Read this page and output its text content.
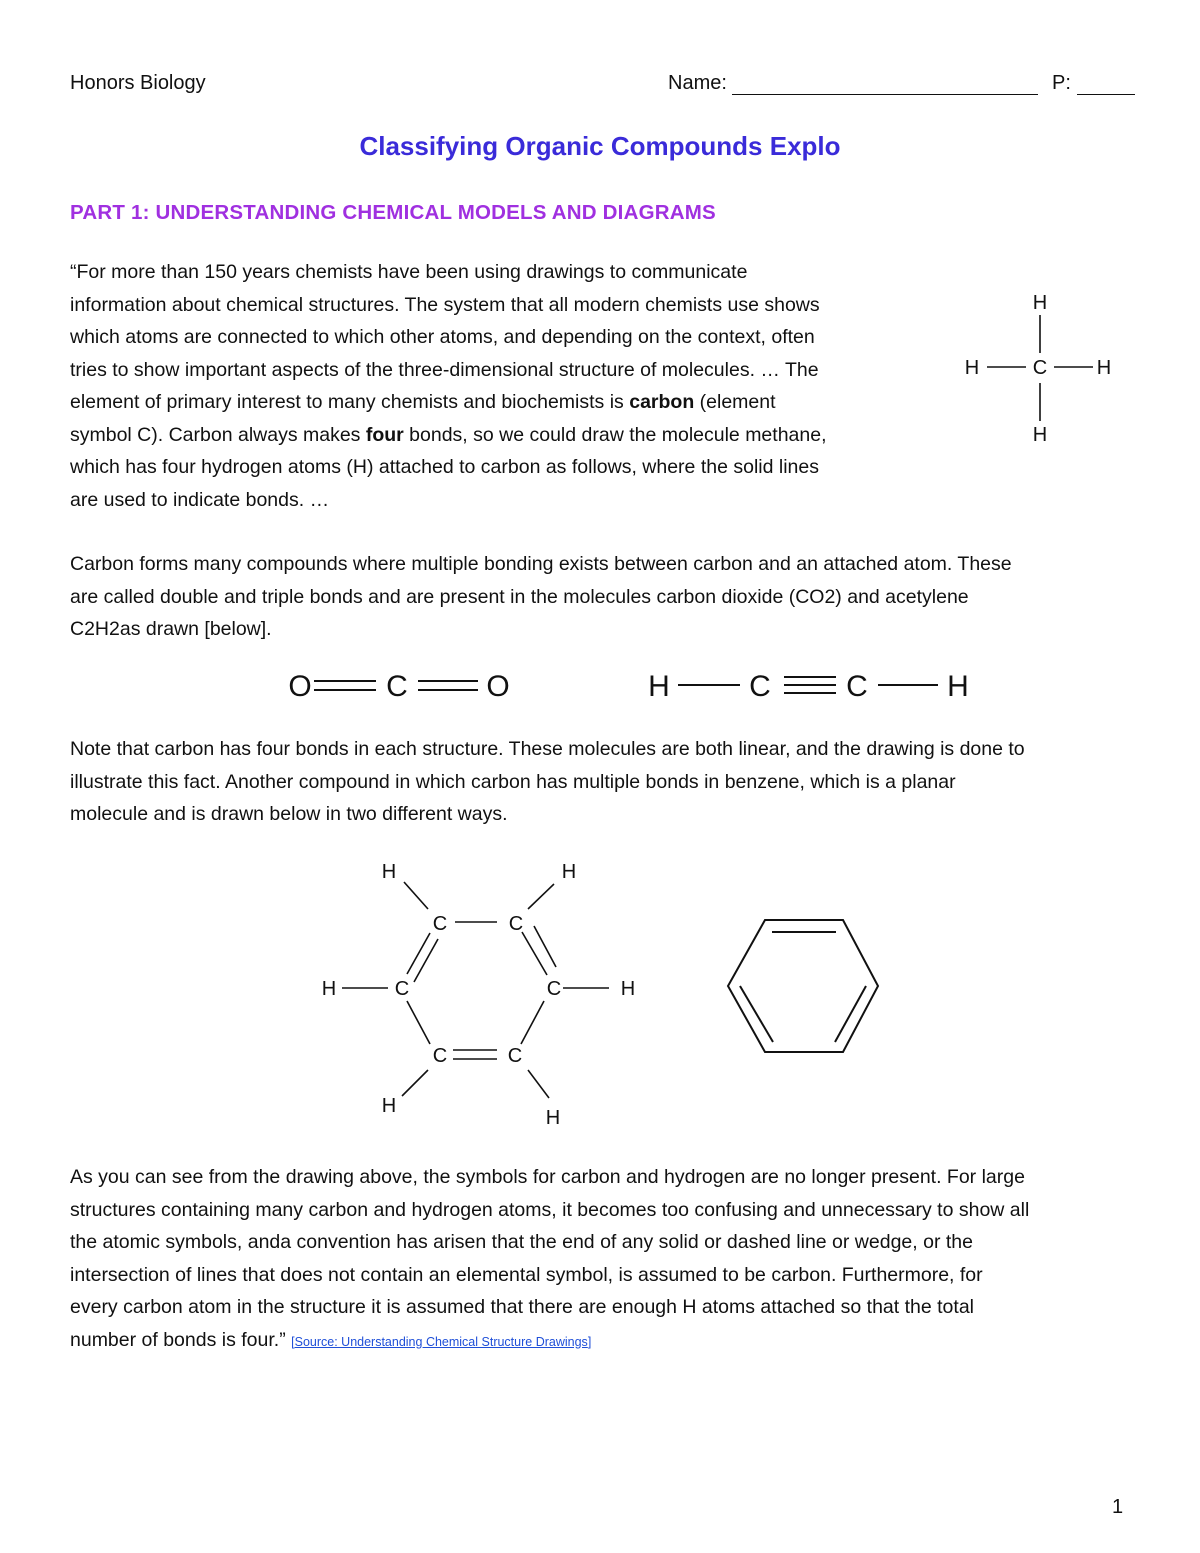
Honors Biology	Name:	P:
Classifying Organic Compounds Explo
PART 1: UNDERSTANDING CHEMICAL MODELS AND DIAGRAMS
“For more than 150 years chemists have been using drawings to communicate
information about chemical structures. The system that all modern chemists use shows
which atoms are connected to which other atoms, and depending on the context, often
tries to show important aspects of the three-dimensional structure of molecules. … The
element of primary interest to many chemists and biochemists is carbon (element
symbol C). Carbon always makes four bonds, so we could draw the molecule methane,
which has four hydrogen atoms (H) attached to carbon as follows, where the solid lines
are used to indicate bonds. …
H
H	C H
H
Carbon forms many compounds where multiple bonding exists between carbon and an attached atom. These
are called double and triple bonds and are present in the molecules carbon dioxide (CO2) and acetylene
C2H2as drawn [below].
O C	O	H	C	C	H
Note that carbon has four bonds in each structure. These molecules are both linear, and the drawing is done to
illustrate this fact. Another compound in which carbon has multiple bonds in benzene, which is a planar
molecule and is drawn below in two different ways.
H	H
C	C
H	C	C	H
C	C
H
H
As you can see from the drawing above, the symbols for carbon and hydrogen are no longer present. For large
structures containing many carbon and hydrogen atoms, it becomes too confusing and unnecessary to show all
the atomic symbols, anda convention has arisen that the end of any solid or dashed line or wedge, or the
intersection of lines that does not contain an elemental symbol, is assumed to be carbon. Furthermore, for
every carbon atom in the structure it is assumed that there are enough H atoms attached so that the total
number of bonds is four.” [Source: Understanding Chemical Structure Drawings]
1
